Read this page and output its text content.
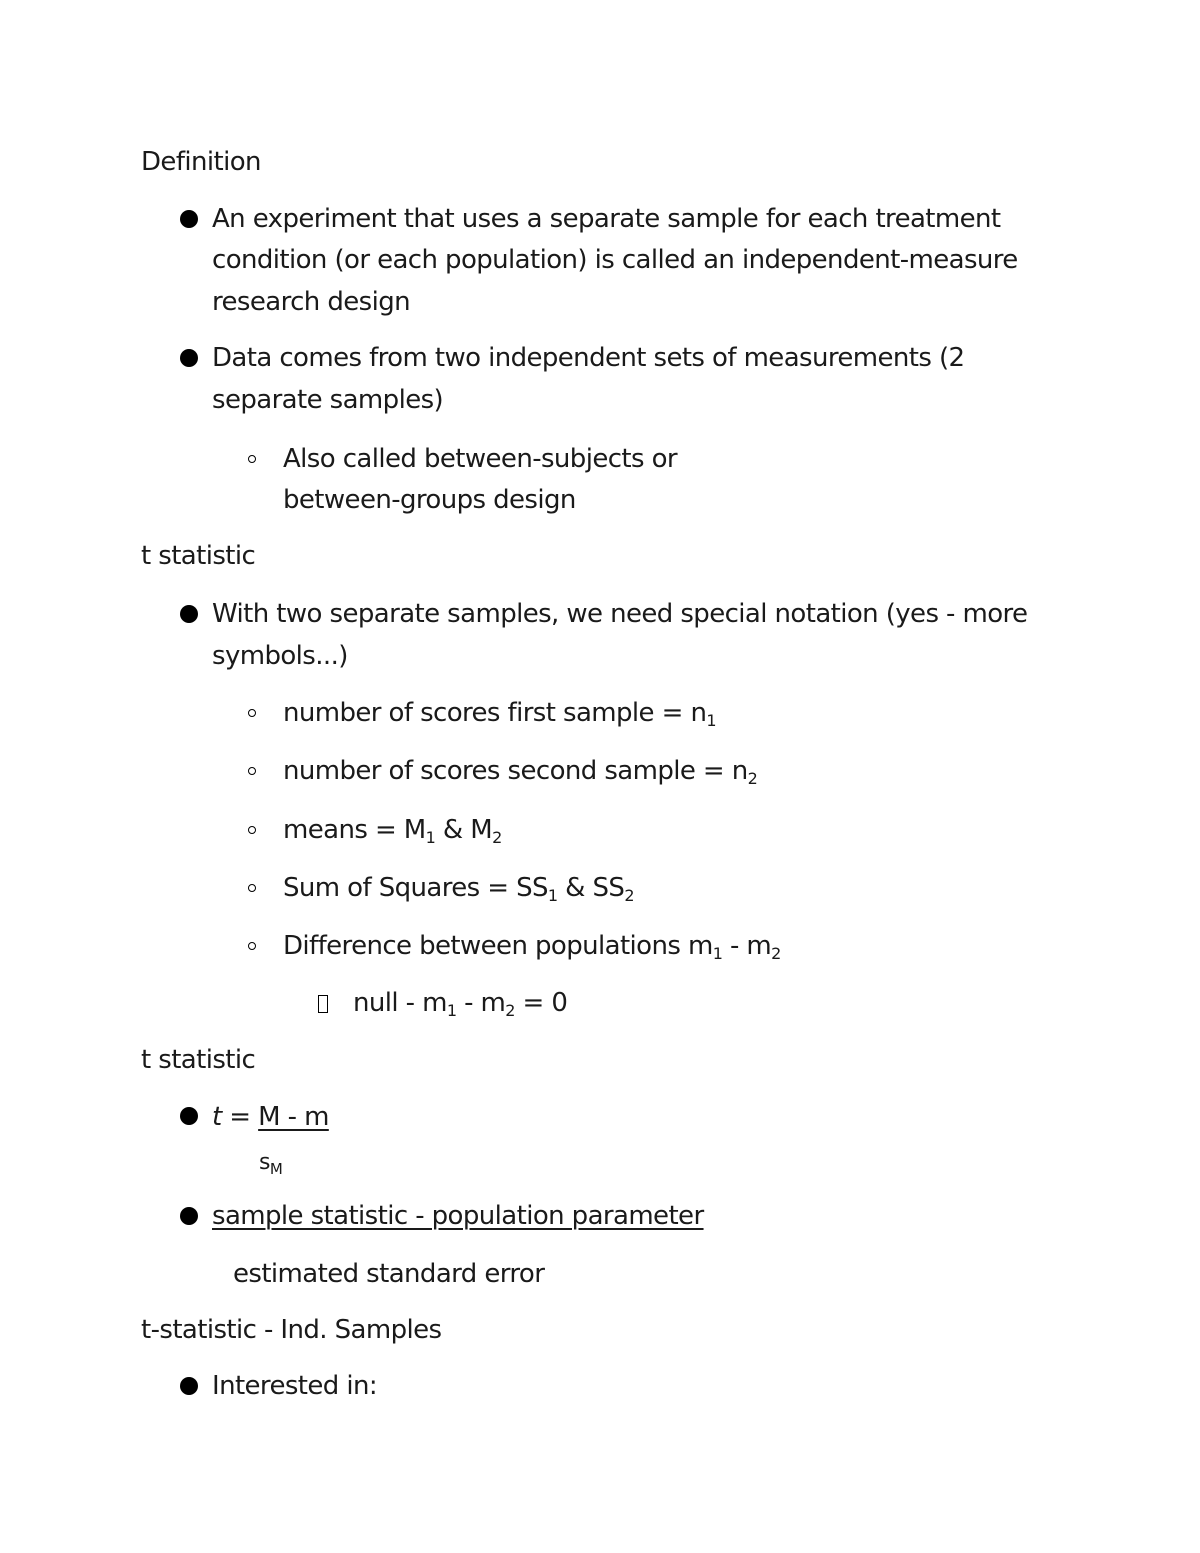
Definition
An experiment that uses a separate sample for each treatment
condition (or each population) is called an independent-measure
research design
Data comes from two independent sets of measurements (2
separate samples)
Also called between-subjects or
between-groups design
t statistic
With two separate samples, we need special notation (yes - more
symbols...)
number of scores first sample = $n_1$
number of scores second sample = $n_2$
means = $M_1$ & $M_2$
Sum of Squares = $SS_1$ & $SS_2$
Difference between populations $m_1 - m_2$
null - $m_1 - m_2 = 0$
t statistic
t = M - m
$s_M$
sample statistic - population parameter
estimated standard error
t-statistic - Ind. Samples
Interested in:
